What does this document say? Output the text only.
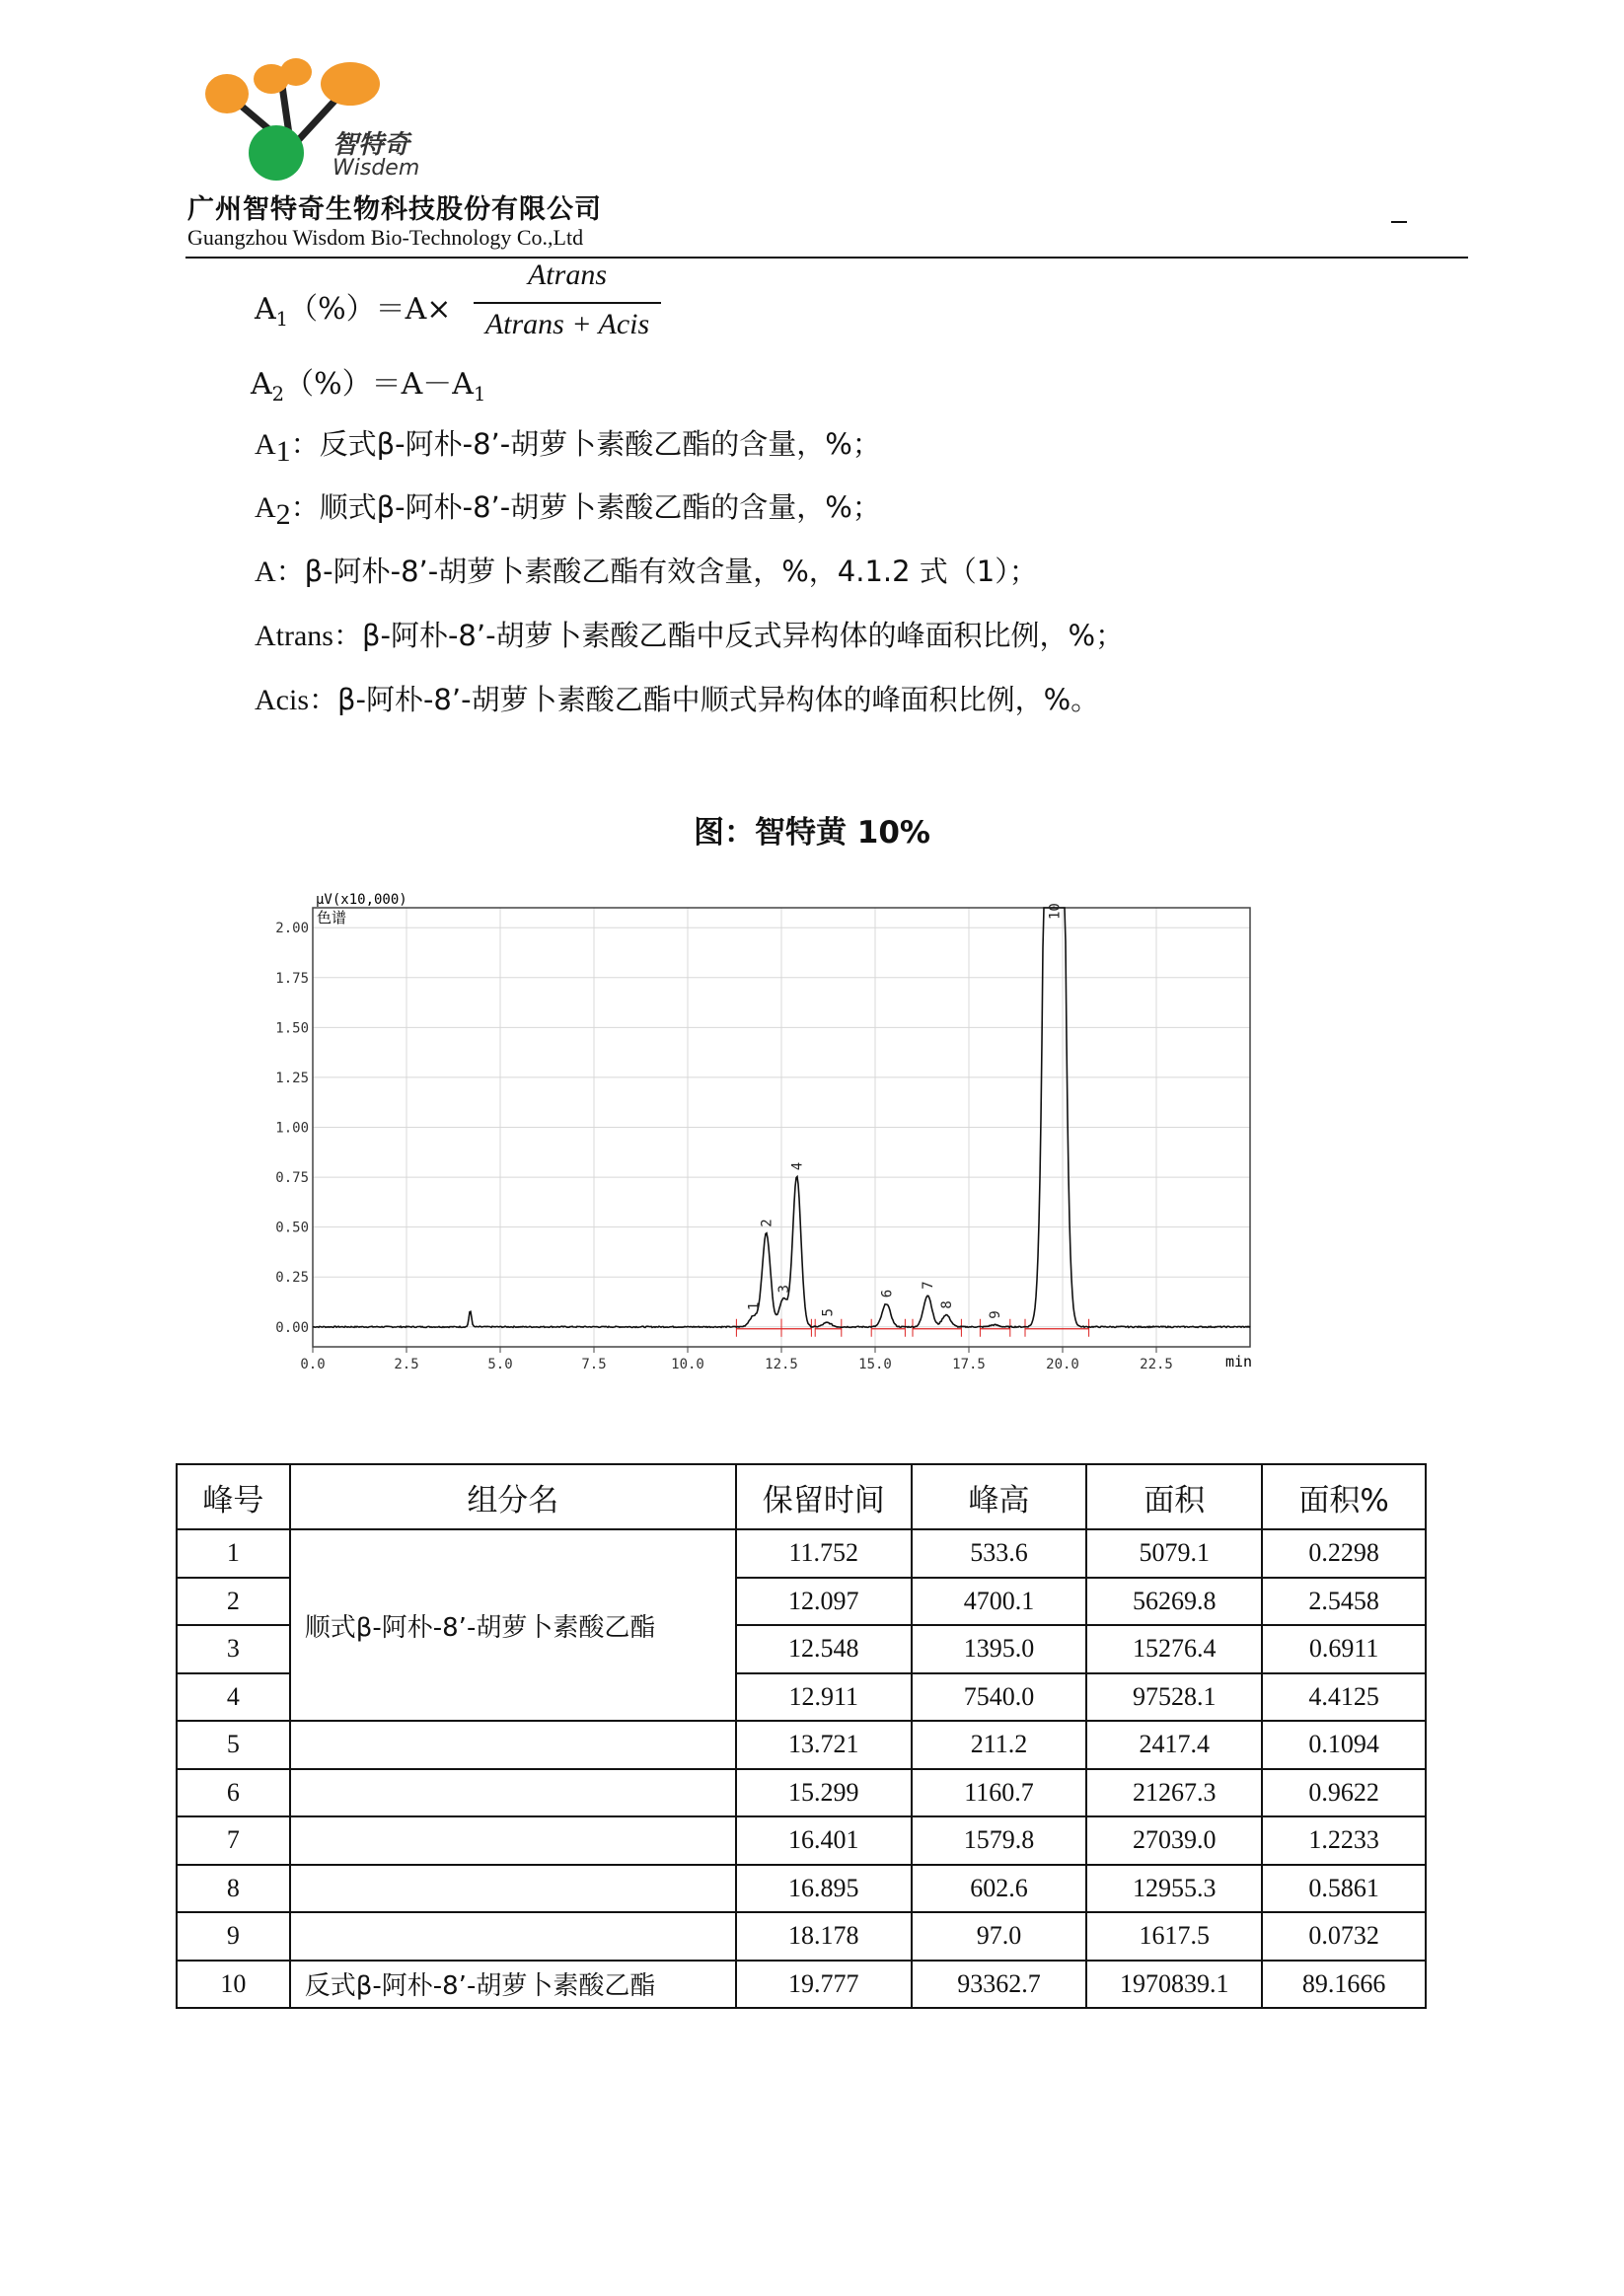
智特奇
Wisdem
广州智特奇生物科技股份有限公司
Guangzhou Wisdom Bio-Technology Co.,Ltd
$A_1(\%)=A\times$
Atrans
Atrans + Acis
$A_2(\%)=A-A_1$
$A_1$：反式β-阿朴-8’-胡萝卜素酸乙酯的含量，%；
$A_2$：顺式β-阿朴-8’-胡萝卜素酸乙酯的含量，%；
A：β-阿朴-8’-胡萝卜素酸乙酯有效含量，%，4.1.2 式（1）；
Atrans：β-阿朴-8’-胡萝卜素酸乙酯中反式异构体的峰面积比例，%；
Acis：β-阿朴-8’-胡萝卜素酸乙酯中顺式异构体的峰面积比例，%。
图：智特黄 10%
μV(x10,000)
色谱
min
0.0	2.5	5.0	7.5	10.0	12.5	15.0	17.5	20.0	22.5
2.00
1.75
1.50
1.25
1.00
0.75
0.50
0.25
0.00
1
2
3
4
5
6
7
8
9
10
峰号	组分名	保留时间	峰高	面积	面积%
1	顺式β-阿朴-8’-胡萝卜素酸乙酯	11.752	533.6	5079.1	0.2298
2		12.097	4700.1	56269.8	2.5458
3		12.548	1395.0	15276.4	0.6911
4		12.911	7540.0	97528.1	4.4125
5		13.721	211.2	2417.4	0.1094
6		15.299	1160.7	21267.3	0.9622
7		16.401	1579.8	27039.0	1.2233
8		16.895	602.6	12955.3	0.5861
9		18.178	97.0	1617.5	0.0732
10	反式β-阿朴-8’-胡萝卜素酸乙酯	19.777	93362.7	1970839.1	89.1666
